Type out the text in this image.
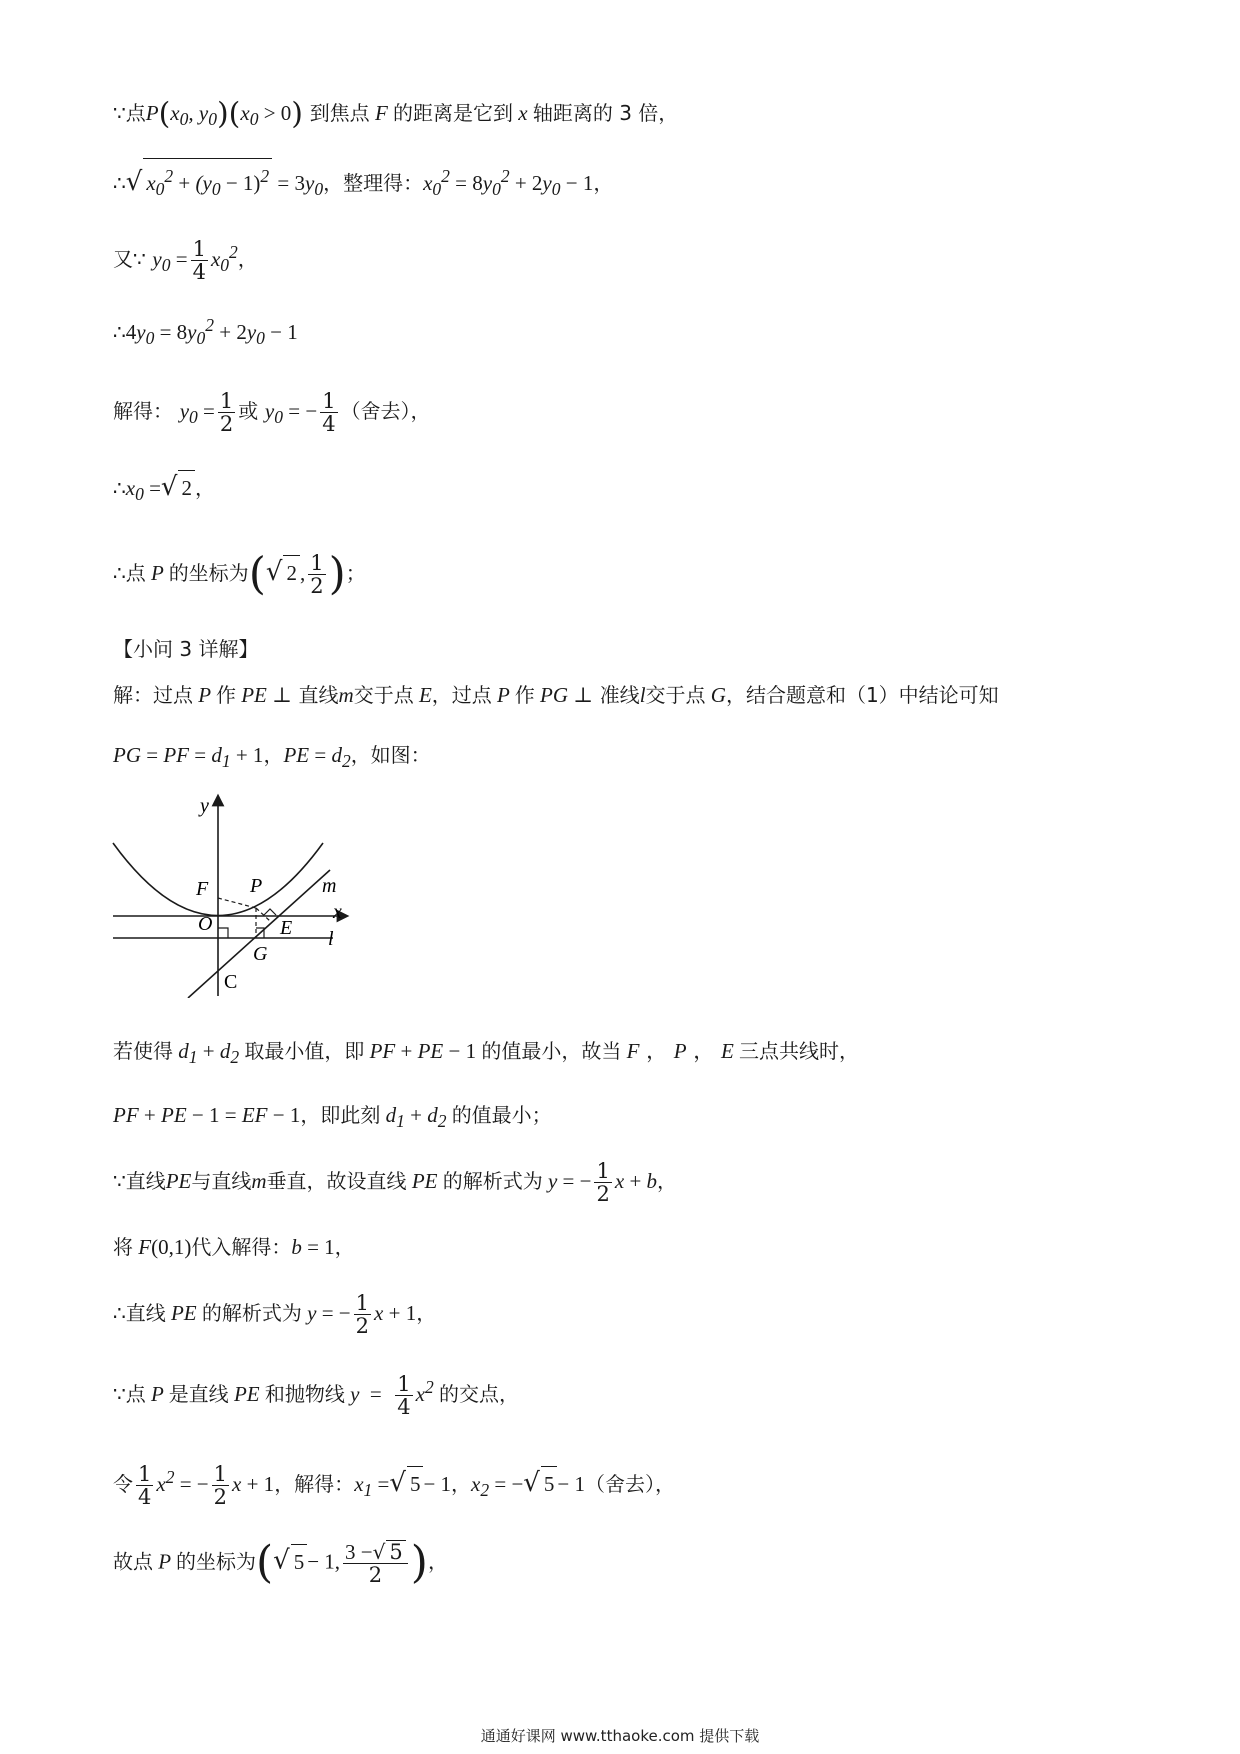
∵点$P(x_0$, $y_0)(x_0 > 0)$ 到焦点 F 的距离是它到 x 轴距离的 3 倍，
∴√ $x_0^2 + (y_0 - 1)^2 = 3y_0$，整理得：$x_0^2 = 8y_0^2 + 2y_0 - 1$，
又∵ $y_0 = \frac{1}{4} x_0^2$，
$\therefore 4y_0 = 8y_0^2 + 2y_0 - 1$
解得： $y_0 = \frac{1}{2}$ 或 $y_0$ = − $\frac{1}{4}$ （舍去），
$\therefore x_0$ =√ 2 ，
∴点 P 的坐标为(√ 2 , $\frac{1}{2}$ )；
【小问 3 详解】
解：过点 P 作 PE ⊥ 直线m交于点 E，过点 P 作 PG ⊥ 准线l交于点 G，结合题意和（1）中结论可知
PG = PF = $d_1 + 1$，PE = $d_2$，如图：
y
x
F P
O
m
E l
G
C
若使得 $d_1 + d_2$ 取最小值，即 PF + PE − 1 的值最小，故当 F ， P ， E 三点共线时，
PF + PE − 1 = EF − 1，即此刻 $d_1 + d_2$ 的值最小；
∵直线PE与直线m垂直，故设直线 PE 的解析式为 y = − $\frac{1}{2}$ x + b，
将 F(0,1)代入解得：b = 1，
∴直线 PE 的解析式为 y = − $\frac{1}{2}$ x + 1，
∵点 P 是直线 PE 和抛物线 $y = \frac{1}{4} x^2$ 的交点，
令 $\frac{1}{4} x^2$ = − $\frac{1}{2}$ x + 1，解得：$x_1$ =√ 5 − 1，$x_2$ = −√ 5 − 1（舍去），
故点 P 的坐标为(√ 5 − 1, $\frac{3 -√ 5}{2}$ )，
通通好课网 www.tthaoke.com 提供下载
